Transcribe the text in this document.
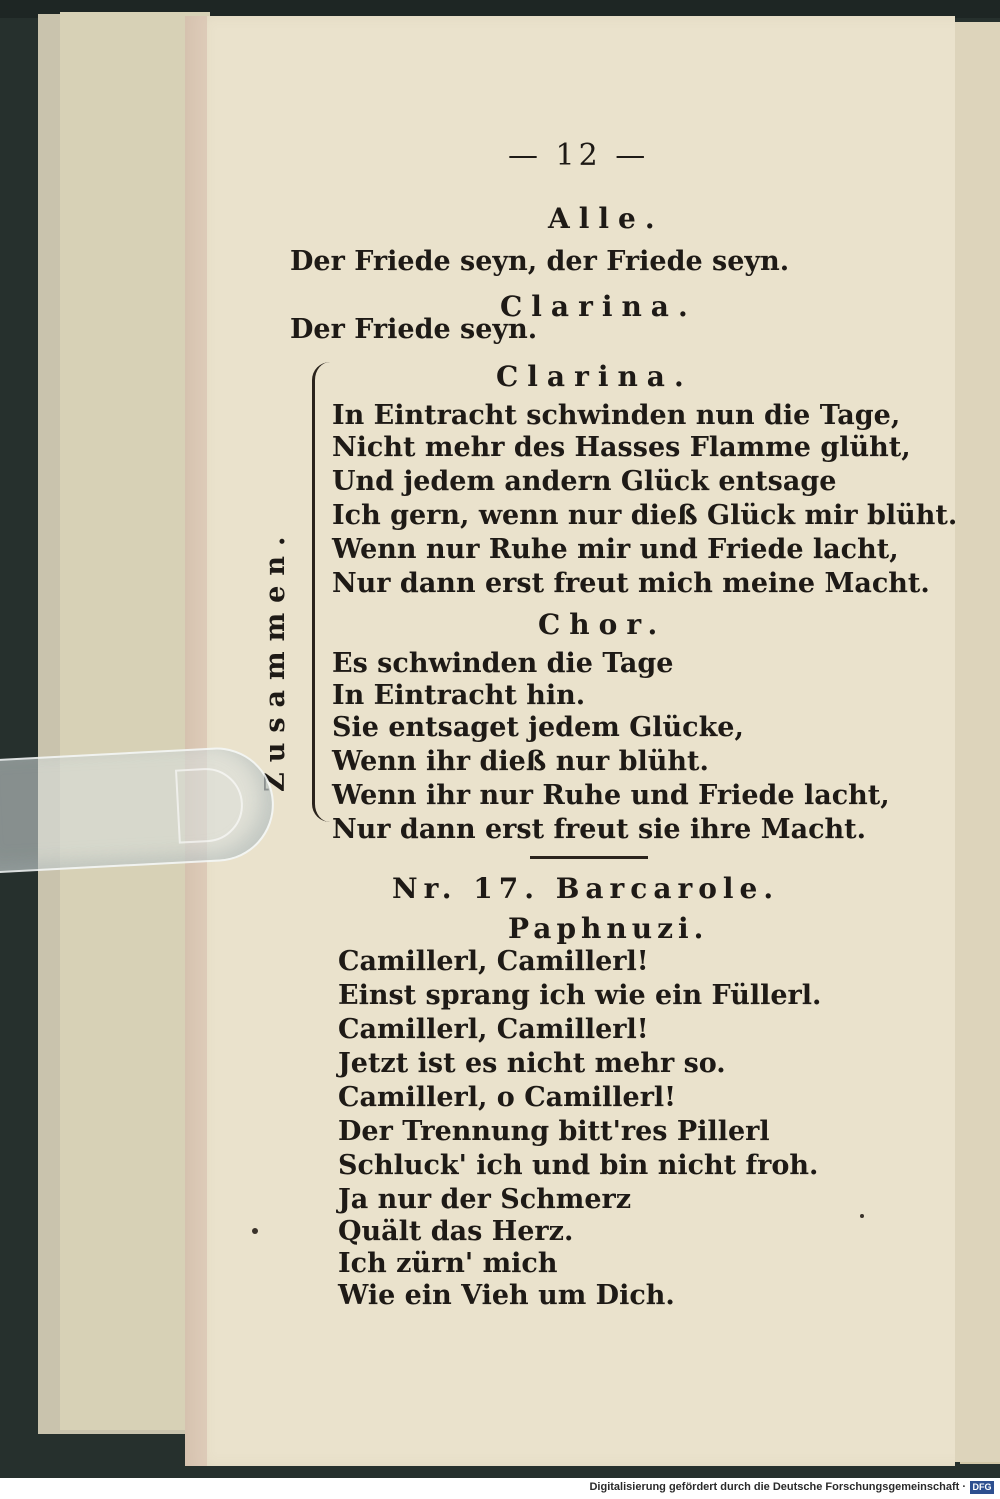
— 12 —
Alle.
Der Friede seyn, der Friede seyn.
Clarina.
Der Friede seyn.
Zusammen.
Clarina.
In Eintracht schwinden nun die Tage,
Nicht mehr des Hasses Flamme glüht,
Und jedem andern Glück entsage
Ich gern, wenn nur dieß Glück mir blüht.
Wenn nur Ruhe mir und Friede lacht,
Nur dann erst freut mich meine Macht.
Chor.
Es schwinden die Tage
In Eintracht hin.
Sie entsaget jedem Glücke,
Wenn ihr dieß nur blüht.
Wenn ihr nur Ruhe und Friede lacht,
Nur dann erst freut sie ihre Macht.
Nr. 17. Barcarole.
Paphnuzi.
Camillerl, Camillerl!
Einst sprang ich wie ein Füllerl.
Camillerl, Camillerl!
Jetzt ist es nicht mehr so.
Camillerl, o Camillerl!
Der Trennung bitt'res Pillerl
Schluck' ich und bin nicht froh.
Ja nur der Schmerz
Quält das Herz.
Ich zürn' mich
Wie ein Vieh um Dich.
Digitalisierung gefördert durch die Deutsche Forschungsgemeinschaft · DFG
